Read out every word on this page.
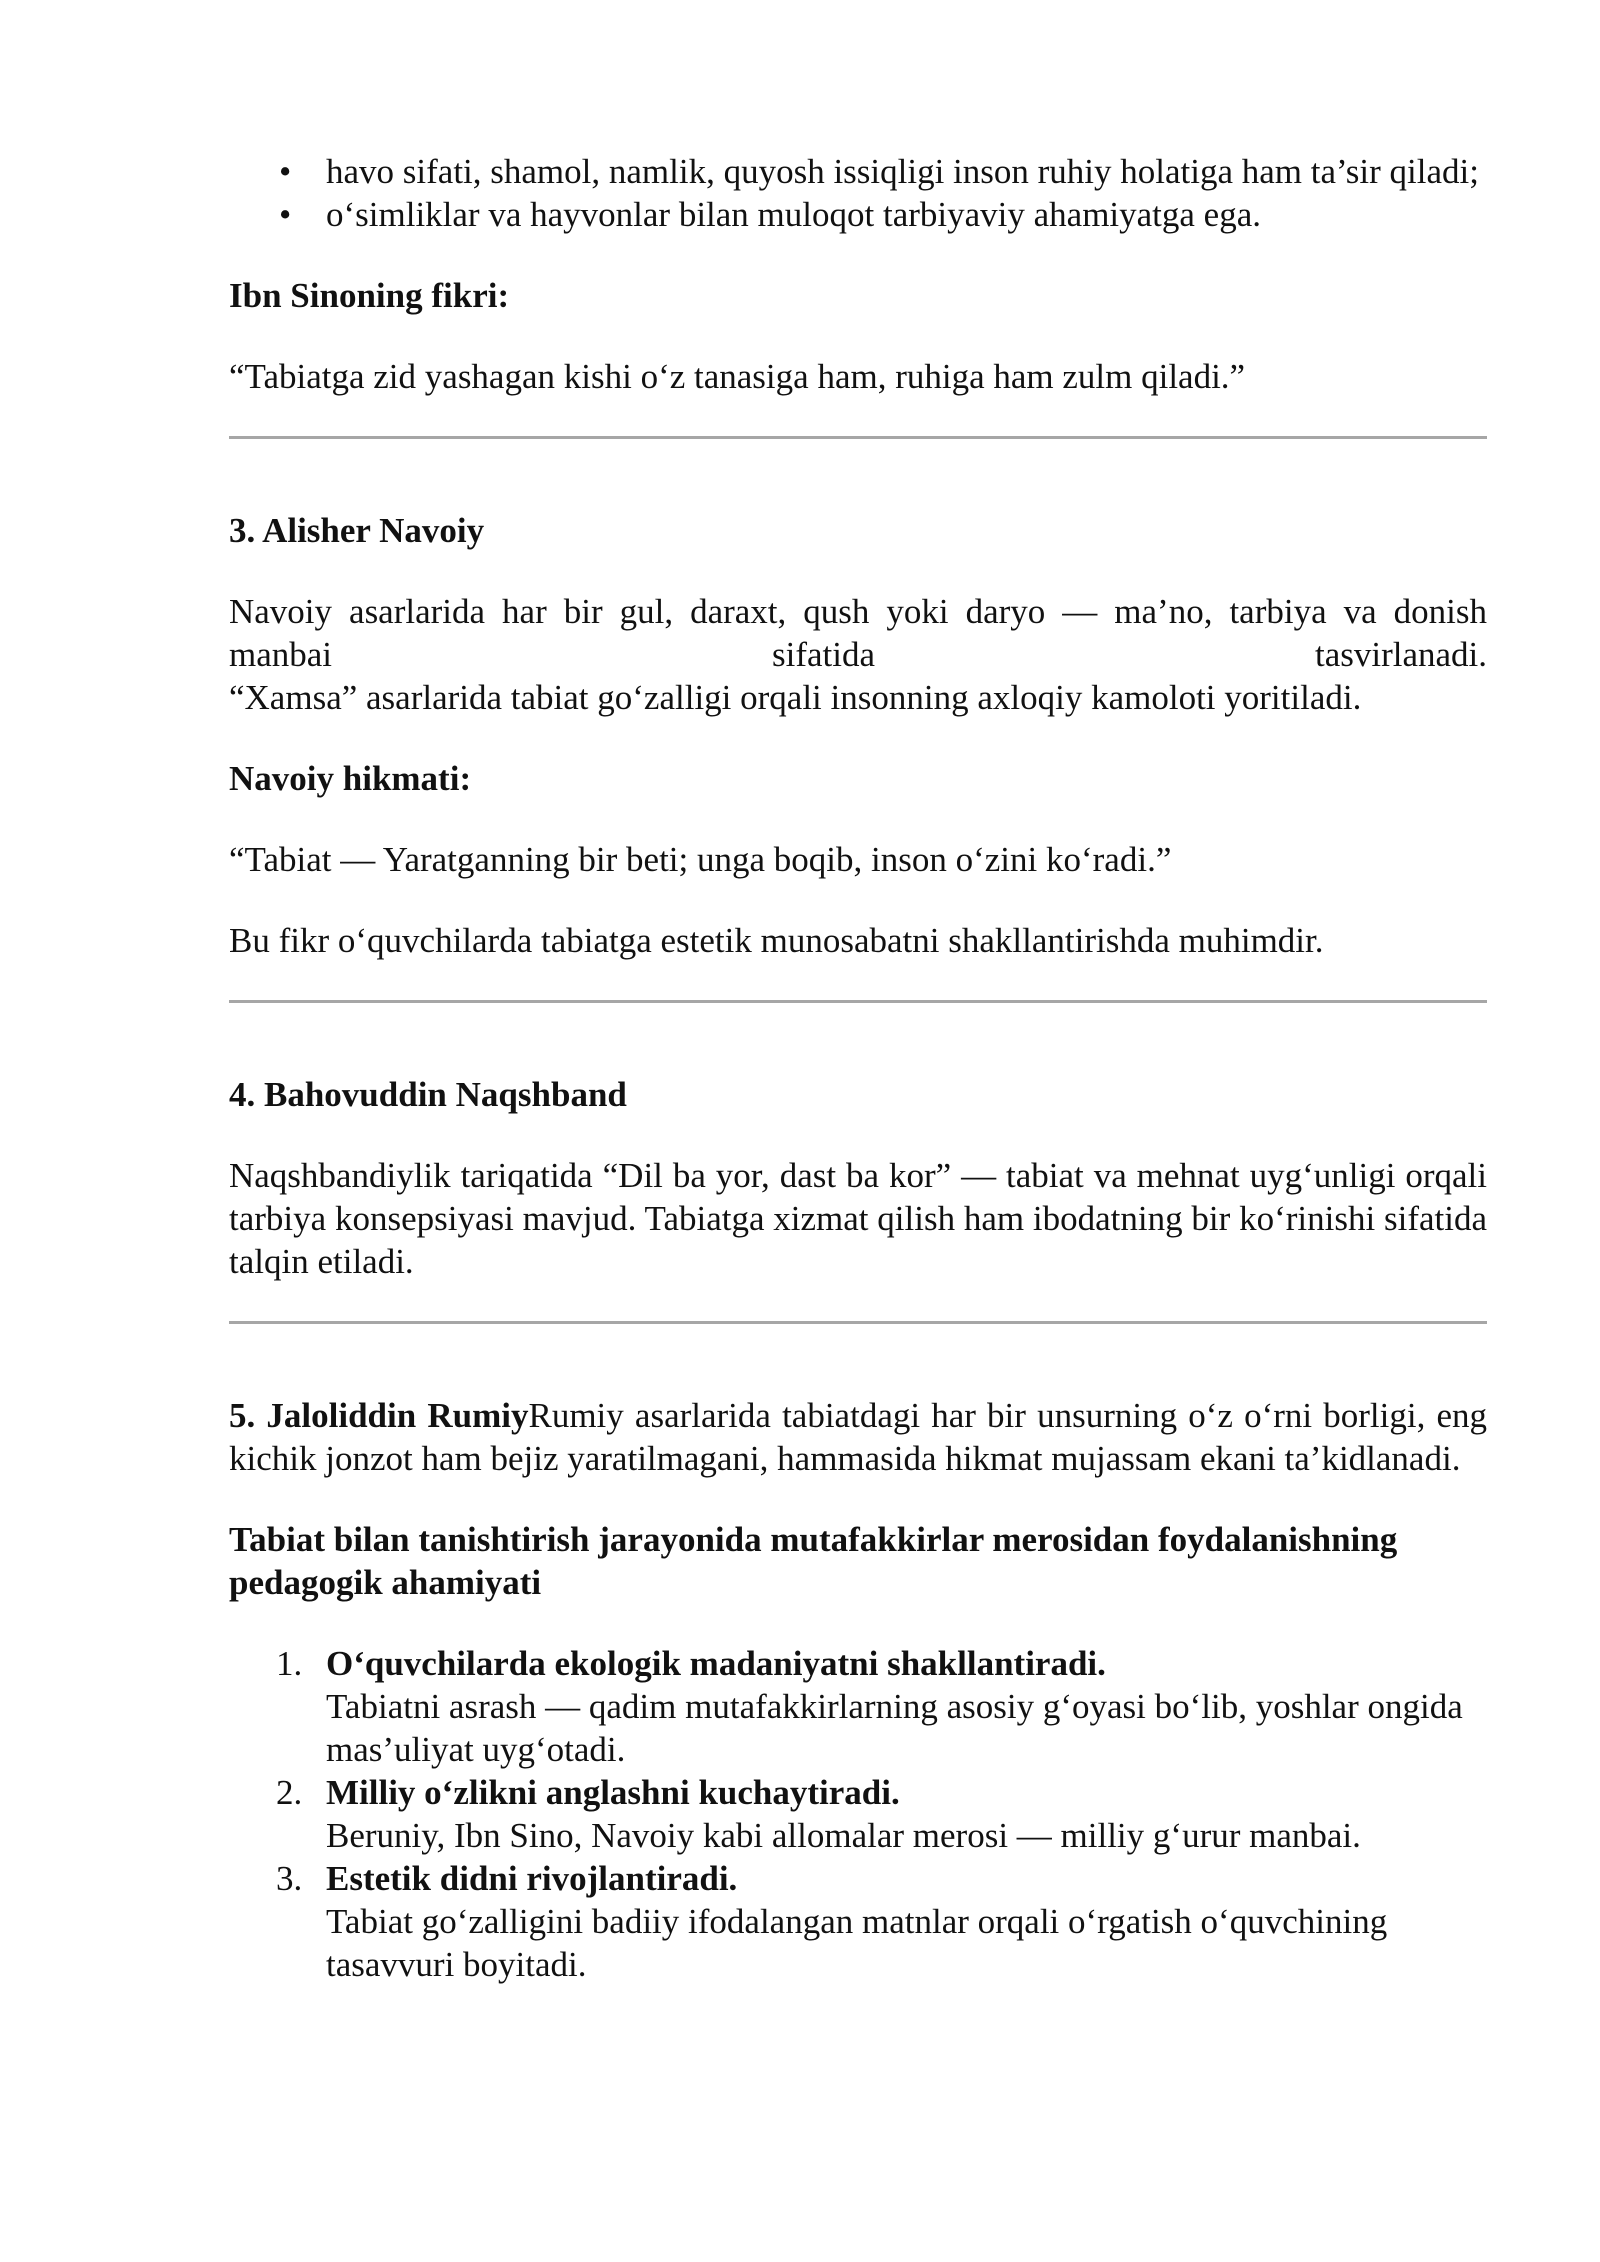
• havo sifati, shamol, namlik, quyosh issiqligi inson ruhiy holatiga ham ta’sir qiladi;
• o‘simliklar va hayvonlar bilan muloqot tarbiyaviy ahamiyatga ega.

Ibn Sinoning fikri:

“Tabiatga zid yashagan kishi o‘z tanasiga ham, ruhiga ham zulm qiladi.”

3. Alisher Navoiy

Navoiy asarlarida har bir gul, daraxt, qush yoki daryo — ma’no, tarbiya va donish manbai sifatida tasvirlanadi.
“Xamsa” asarlarida tabiat go‘zalligi orqali insonning axloqiy kamoloti yoritiladi.

Navoiy hikmati:

“Tabiat — Yaratganning bir beti; unga boqib, inson o‘zini ko‘radi.”

Bu fikr o‘quvchilarda tabiatga estetik munosabatni shakllantirishda muhimdir.

4. Bahovuddin Naqshband

Naqshbandiylik tariqatida “Dil ba yor, dast ba kor” — tabiat va mehnat uyg‘unligi orqali tarbiya konsepsiyasi mavjud. Tabiatga xizmat qilish ham ibodatning bir ko‘rinishi sifatida talqin etiladi.

5. Jaloliddin RumiyRumiy asarlarida tabiatdagi har bir unsurning o‘z o‘rni borligi, eng kichik jonzot ham bejiz yaratilmagani, hammasida hikmat mujassam ekani ta’kidlanadi.

Tabiat bilan tanishtirish jarayonida mutafakkirlar merosidan foydalanishning pedagogik ahamiyati

1. O‘quvchilarda ekologik madaniyatni shakllantiradi.
Tabiatni asrash — qadim mutafakkirlarning asosiy g‘oyasi bo‘lib, yoshlar ongida mas’uliyat uyg‘otadi.
2. Milliy o‘zlikni anglashni kuchaytiradi.
Beruniy, Ibn Sino, Navoiy kabi allomalar merosi — milliy g‘urur manbai.
3. Estetik didni rivojlantiradi.
Tabiat go‘zalligini badiiy ifodalangan matnlar orqali o‘rgatish o‘quvchining tasavvuri boyitadi.
